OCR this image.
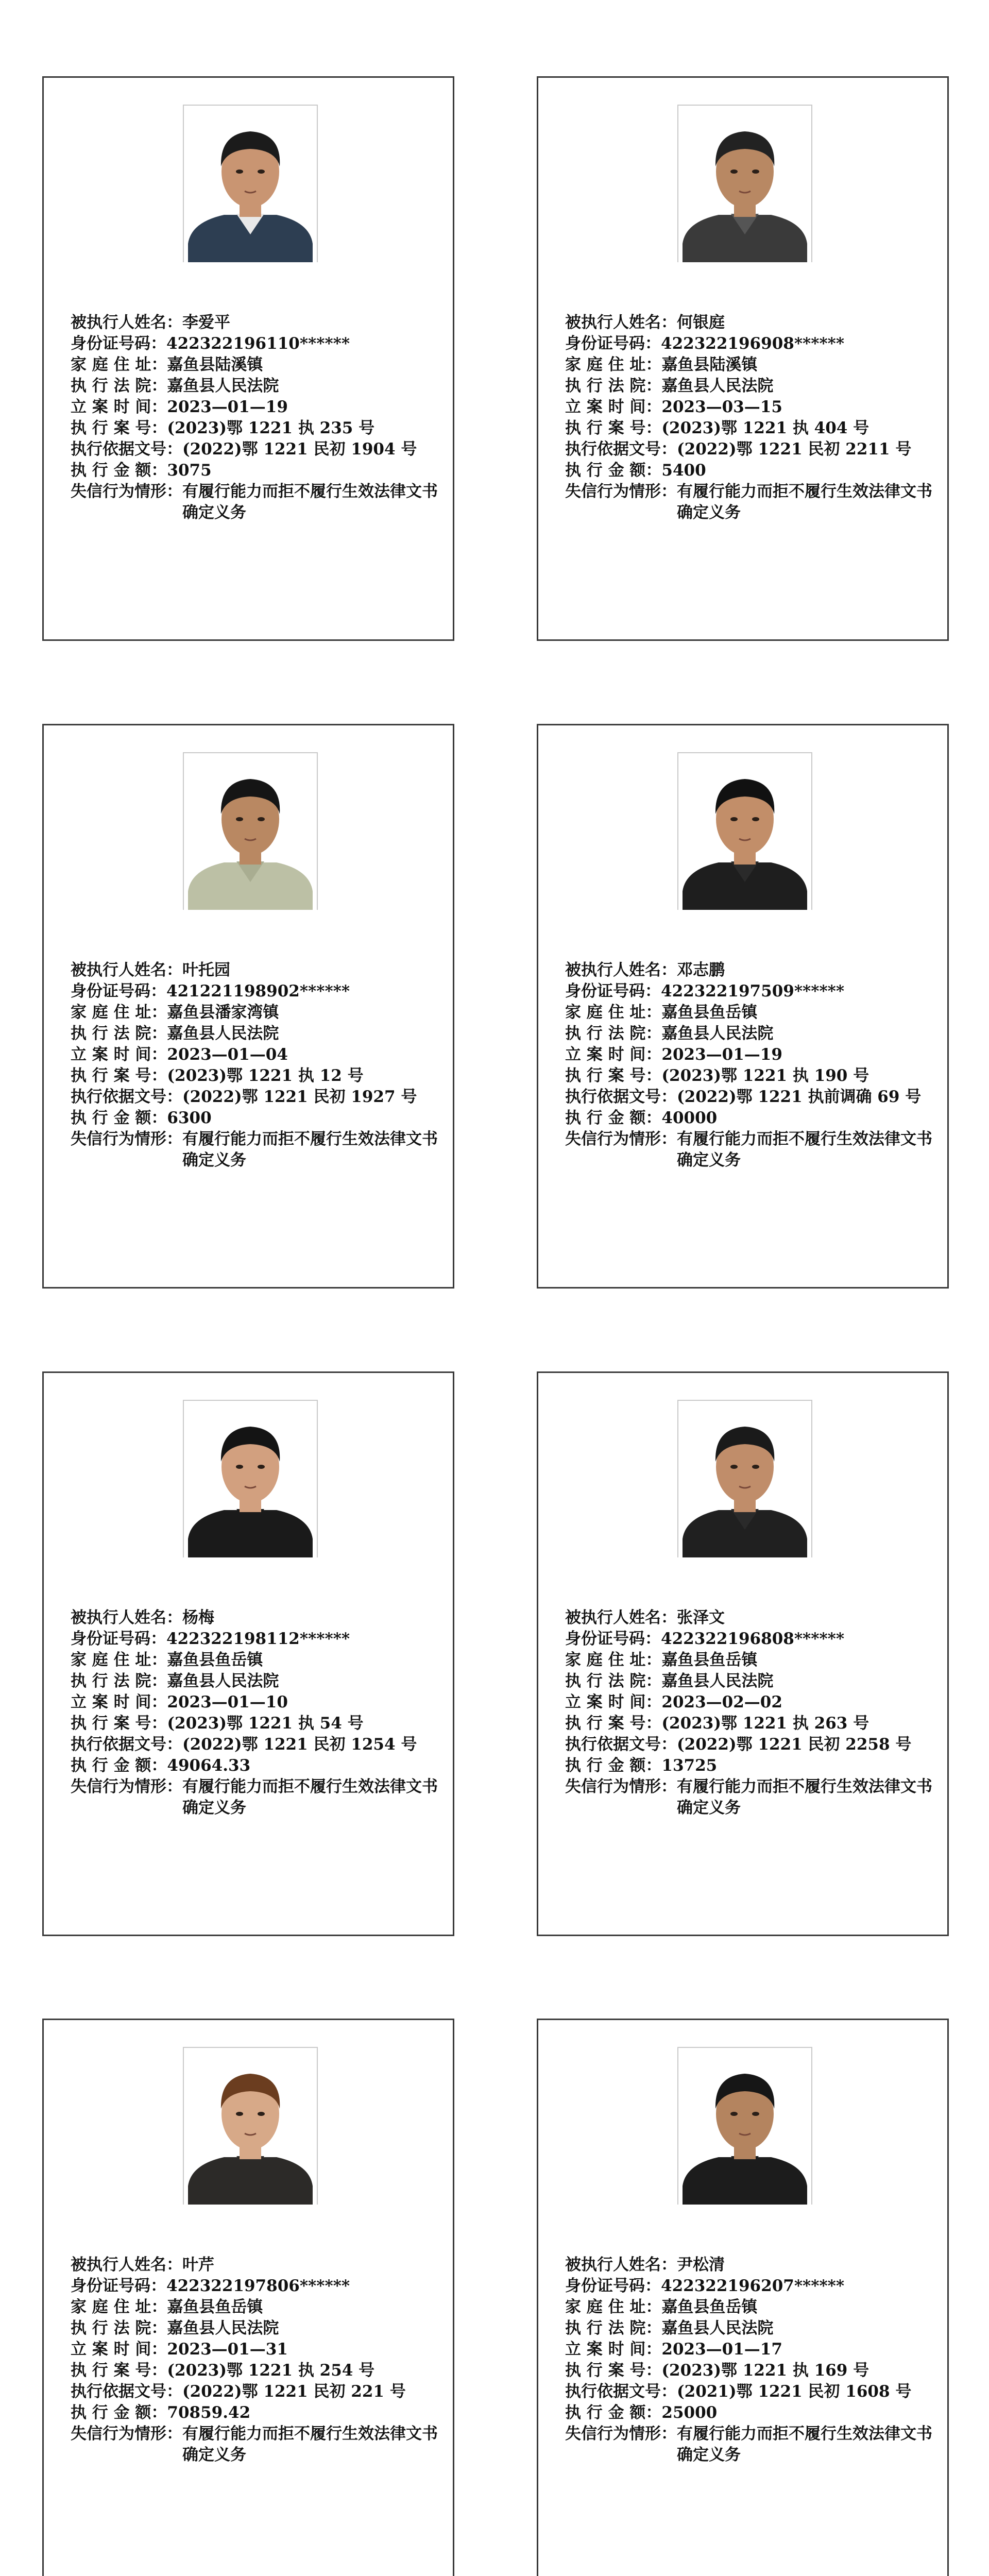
被执行人姓名： 李爱平
身份证号码： 422322196110******
家 庭 住 址： 嘉鱼县陆溪镇
执 行 法 院： 嘉鱼县人民法院
立 案 时 间： 2023—01—19
执 行 案 号： (2023)鄂 1221 执 235 号
执行依据文号： (2022)鄂 1221 民初 1904 号
执 行 金 额： 3075
失信行为情形： 有履行能力而拒不履行生效法律文书确定义务
被执行人姓名： 何银庭
身份证号码： 422322196908******
家 庭 住 址： 嘉鱼县陆溪镇
执 行 法 院： 嘉鱼县人民法院
立 案 时 间： 2023—03—15
执 行 案 号： (2023)鄂 1221 执 404 号
执行依据文号： (2022)鄂 1221 民初 2211 号
执 行 金 额： 5400
失信行为情形： 有履行能力而拒不履行生效法律文书确定义务
被执行人姓名： 叶托园
身份证号码： 421221198902******
家 庭 住 址： 嘉鱼县潘家湾镇
执 行 法 院： 嘉鱼县人民法院
立 案 时 间： 2023—01—04
执 行 案 号： (2023)鄂 1221 执 12 号
执行依据文号： (2022)鄂 1221 民初 1927 号
执 行 金 额： 6300
失信行为情形： 有履行能力而拒不履行生效法律文书确定义务
被执行人姓名： 邓志鹏
身份证号码： 422322197509******
家 庭 住 址： 嘉鱼县鱼岳镇
执 行 法 院： 嘉鱼县人民法院
立 案 时 间： 2023—01—19
执 行 案 号： (2023)鄂 1221 执 190 号
执行依据文号： (2022)鄂 1221 执前调确 69 号
执 行 金 额： 40000
失信行为情形： 有履行能力而拒不履行生效法律文书确定义务
被执行人姓名： 杨梅
身份证号码： 422322198112******
家 庭 住 址： 嘉鱼县鱼岳镇
执 行 法 院： 嘉鱼县人民法院
立 案 时 间： 2023—01—10
执 行 案 号： (2023)鄂 1221 执 54 号
执行依据文号： (2022)鄂 1221 民初 1254 号
执 行 金 额： 49064.33
失信行为情形： 有履行能力而拒不履行生效法律文书确定义务
被执行人姓名： 张泽文
身份证号码： 422322196808******
家 庭 住 址： 嘉鱼县鱼岳镇
执 行 法 院： 嘉鱼县人民法院
立 案 时 间： 2023—02—02
执 行 案 号： (2023)鄂 1221 执 263 号
执行依据文号： (2022)鄂 1221 民初 2258 号
执 行 金 额： 13725
失信行为情形： 有履行能力而拒不履行生效法律文书确定义务
被执行人姓名： 叶芹
身份证号码： 422322197806******
家 庭 住 址： 嘉鱼县鱼岳镇
执 行 法 院： 嘉鱼县人民法院
立 案 时 间： 2023—01—31
执 行 案 号： (2023)鄂 1221 执 254 号
执行依据文号： (2022)鄂 1221 民初 221 号
执 行 金 额： 70859.42
失信行为情形： 有履行能力而拒不履行生效法律文书确定义务
被执行人姓名： 尹松清
身份证号码： 422322196207******
家 庭 住 址： 嘉鱼县鱼岳镇
执 行 法 院： 嘉鱼县人民法院
立 案 时 间： 2023—01—17
执 行 案 号： (2023)鄂 1221 执 169 号
执行依据文号： (2021)鄂 1221 民初 1608 号
执 行 金 额： 25000
失信行为情形： 有履行能力而拒不履行生效法律文书确定义务
